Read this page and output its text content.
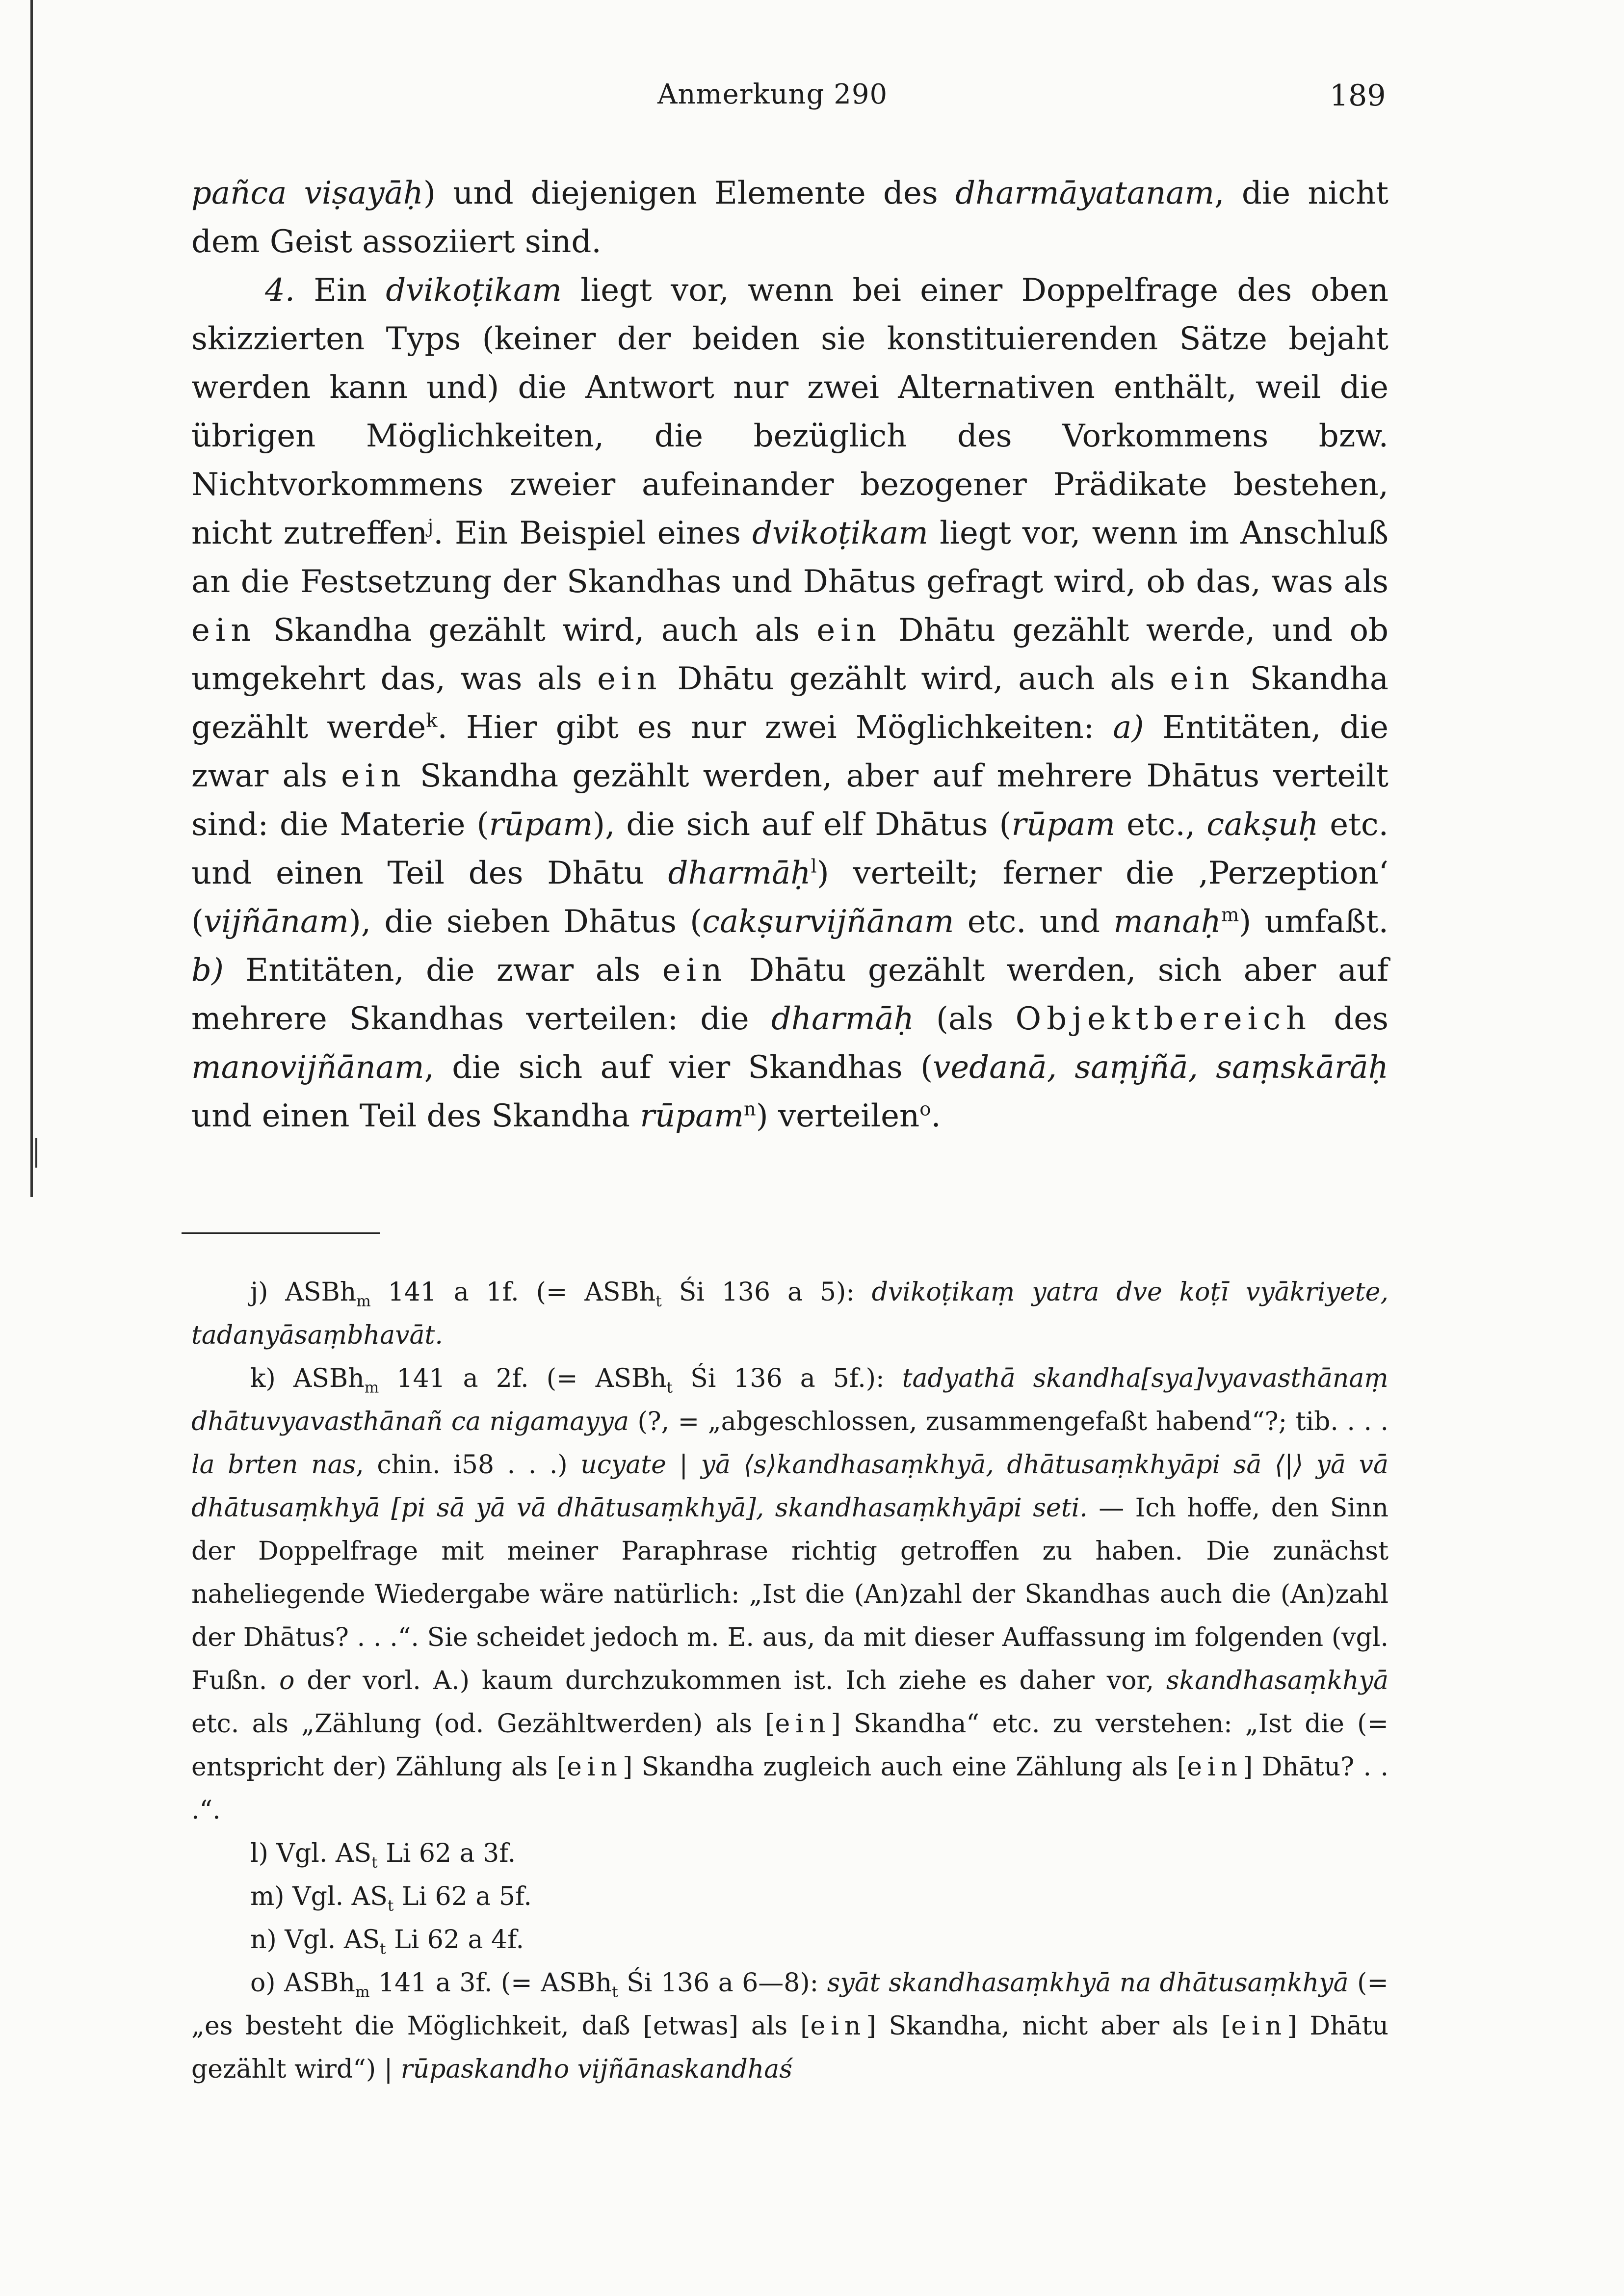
Anmerkung 290	189

pañca viṣayāḥ) und diejenigen Elemente des dharmāyatanam, die nicht dem Geist assoziiert sind.

4. Ein dvikoṭikam liegt vor, wenn bei einer Doppelfrage des oben skizzierten Typs (keiner der beiden sie konstituierenden Sätze bejaht werden kann und) die Antwort nur zwei Alternativen enthält, weil die übrigen Möglichkeiten, die bezüglich des Vorkommens bzw. Nichtvorkommens zweier aufeinander bezogener Prädikate bestehen, nicht zutreffen$^j$. Ein Beispiel eines dvikoṭikam liegt vor, wenn im Anschluß an die Festsetzung der Skandhas und Dhātus gefragt wird, ob das, was als ein Skandha gezählt wird, auch als ein Dhātu gezählt werde, und ob umgekehrt das, was als ein Dhātu gezählt wird, auch als ein Skandha gezählt werde$^k$. Hier gibt es nur zwei Möglichkeiten: a) Entitäten, die zwar als ein Skandha gezählt werden, aber auf mehrere Dhātus verteilt sind: die Materie (rūpam), die sich auf elf Dhātus (rūpam etc., cakṣuḥ etc. und einen Teil des Dhātu dharmāḥ$^l$) verteilt; ferner die ‚Perzeption‘ (vijñānam), die sieben Dhātus (cakṣurvijñānam etc. und manaḥ$^m$) umfaßt. b) Entitäten, die zwar als ein Dhātu gezählt werden, sich aber auf mehrere Skandhas verteilen: die dharmāḥ (als Objektbereich des manovijñānam, die sich auf vier Skandhas (vedanā, saṃjñā, saṃskārāḥ und einen Teil des Skandha rūpam$^n$) verteilen$^o$.

j) ASBh$_m$ 141 a 1f. (= ASBh$_t$ Śi 136 a 5): dvikoṭikaṃ yatra dve koṭī vyākriyete, tadanyāsaṃbhavāt.

k) ASBh$_m$ 141 a 2f. (= ASBh$_t$ Śi 136 a 5f.): tadyathā skandha[sya]vyavasthānaṃ dhātuvyavasthānañ ca nigamayya (?, = „abgeschlossen, zusammengefaßt habend“?; tib. . . . la brten nas, chin. i58 . . .) ucyate | yā ⟨s⟩kandhasaṃkhyā, dhātusaṃkhyāpi sā ⟨|⟩ yā vā dhātusaṃkhyā [pi sā yā vā dhātusaṃkhyā], skandhasaṃkhyāpi seti. — Ich hoffe, den Sinn der Doppelfrage mit meiner Paraphrase richtig getroffen zu haben. Die zunächst naheliegende Wiedergabe wäre natürlich: „Ist die (An)zahl der Skandhas auch die (An)zahl der Dhātus? . . .“. Sie scheidet jedoch m. E. aus, da mit dieser Auffassung im folgenden (vgl. Fußn. o der vorl. A.) kaum durchzukommen ist. Ich ziehe es daher vor, skandhasaṃkhyā etc. als „Zählung (od. Gezähltwerden) als [ein] Skandha“ etc. zu verstehen: „Ist die (= entspricht der) Zählung als [ein] Skandha zugleich auch eine Zählung als [ein] Dhātu? . . .“.

l) Vgl. $AS_t$ Li 62 a 3f.

m) Vgl. $AS_t$ Li 62 a 5f.

n) Vgl. $AS_t$ Li 62 a 4f.

o) ASBh$_m$ 141 a 3f. (= ASBh$_t$ Śi 136 a 6—8): syāt skandhasaṃkhyā na dhātusaṃkhyā (= „es besteht die Möglichkeit, daß [etwas] als [ein] Skandha, nicht aber als [ein] Dhātu gezählt wird“) | rūpaskandho vijñānaskandhaś
